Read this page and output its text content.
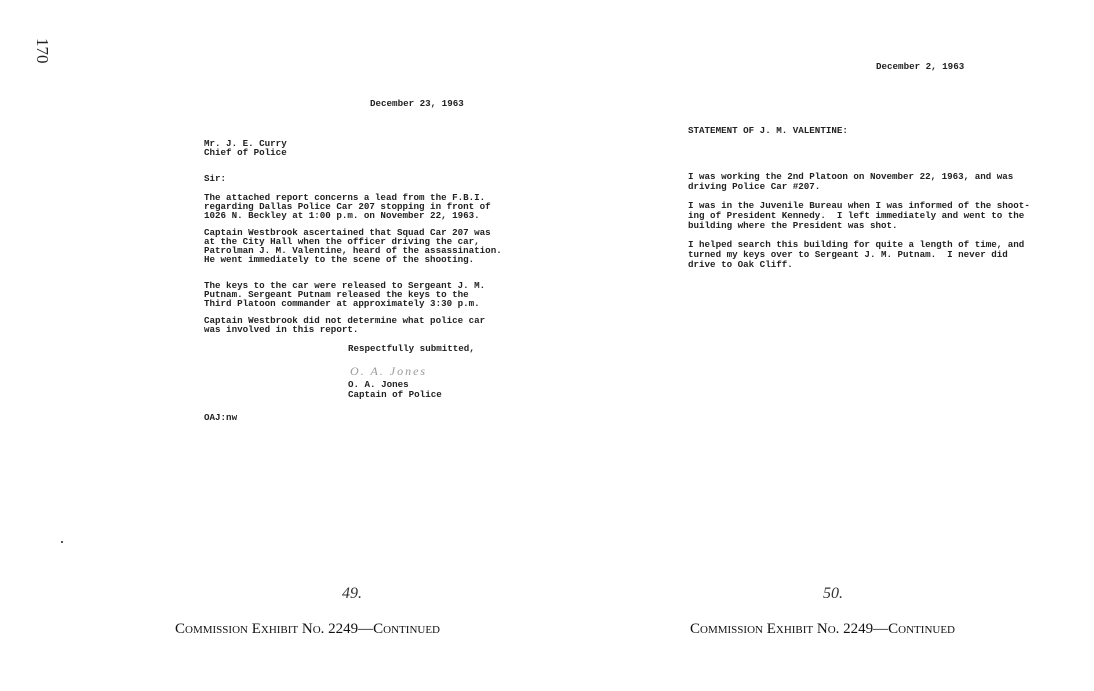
170
December 23, 1963
Mr. J. E. Curry
Chief of Police
Sir:
The attached report concerns a lead from the F.B.I.
regarding Dallas Police Car 207 stopping in front of
1026 N. Beckley at 1:00 p.m. on November 22, 1963.
Captain Westbrook ascertained that Squad Car 207 was
at the City Hall when the officer driving the car,
Patrolman J. M. Valentine, heard of the assassination.
He went immediately to the scene of the shooting.
The keys to the car were released to Sergeant J. M.
Putnam. Sergeant Putnam released the keys to the
Third Platoon commander at approximately 3:30 p.m.
Captain Westbrook did not determine what police car
was involved in this report.
Respectfully submitted,
O. A. Jones
O. A. Jones
Captain of Police
OAJ:nw
49.
Commission Exhibit No. 2249—Continued
December 2, 1963
STATEMENT OF J. M. VALENTINE:
I was working the 2nd Platoon on November 22, 1963, and was
driving Police Car #207.
I was in the Juvenile Bureau when I was informed of the shoot-
ing of President Kennedy.  I left immediately and went to the
building where the President was shot.
I helped search this building for quite a length of time, and
turned my keys over to Sergeant J. M. Putnam.  I never did
drive to Oak Cliff.
50.
Commission Exhibit No. 2249—Continued
